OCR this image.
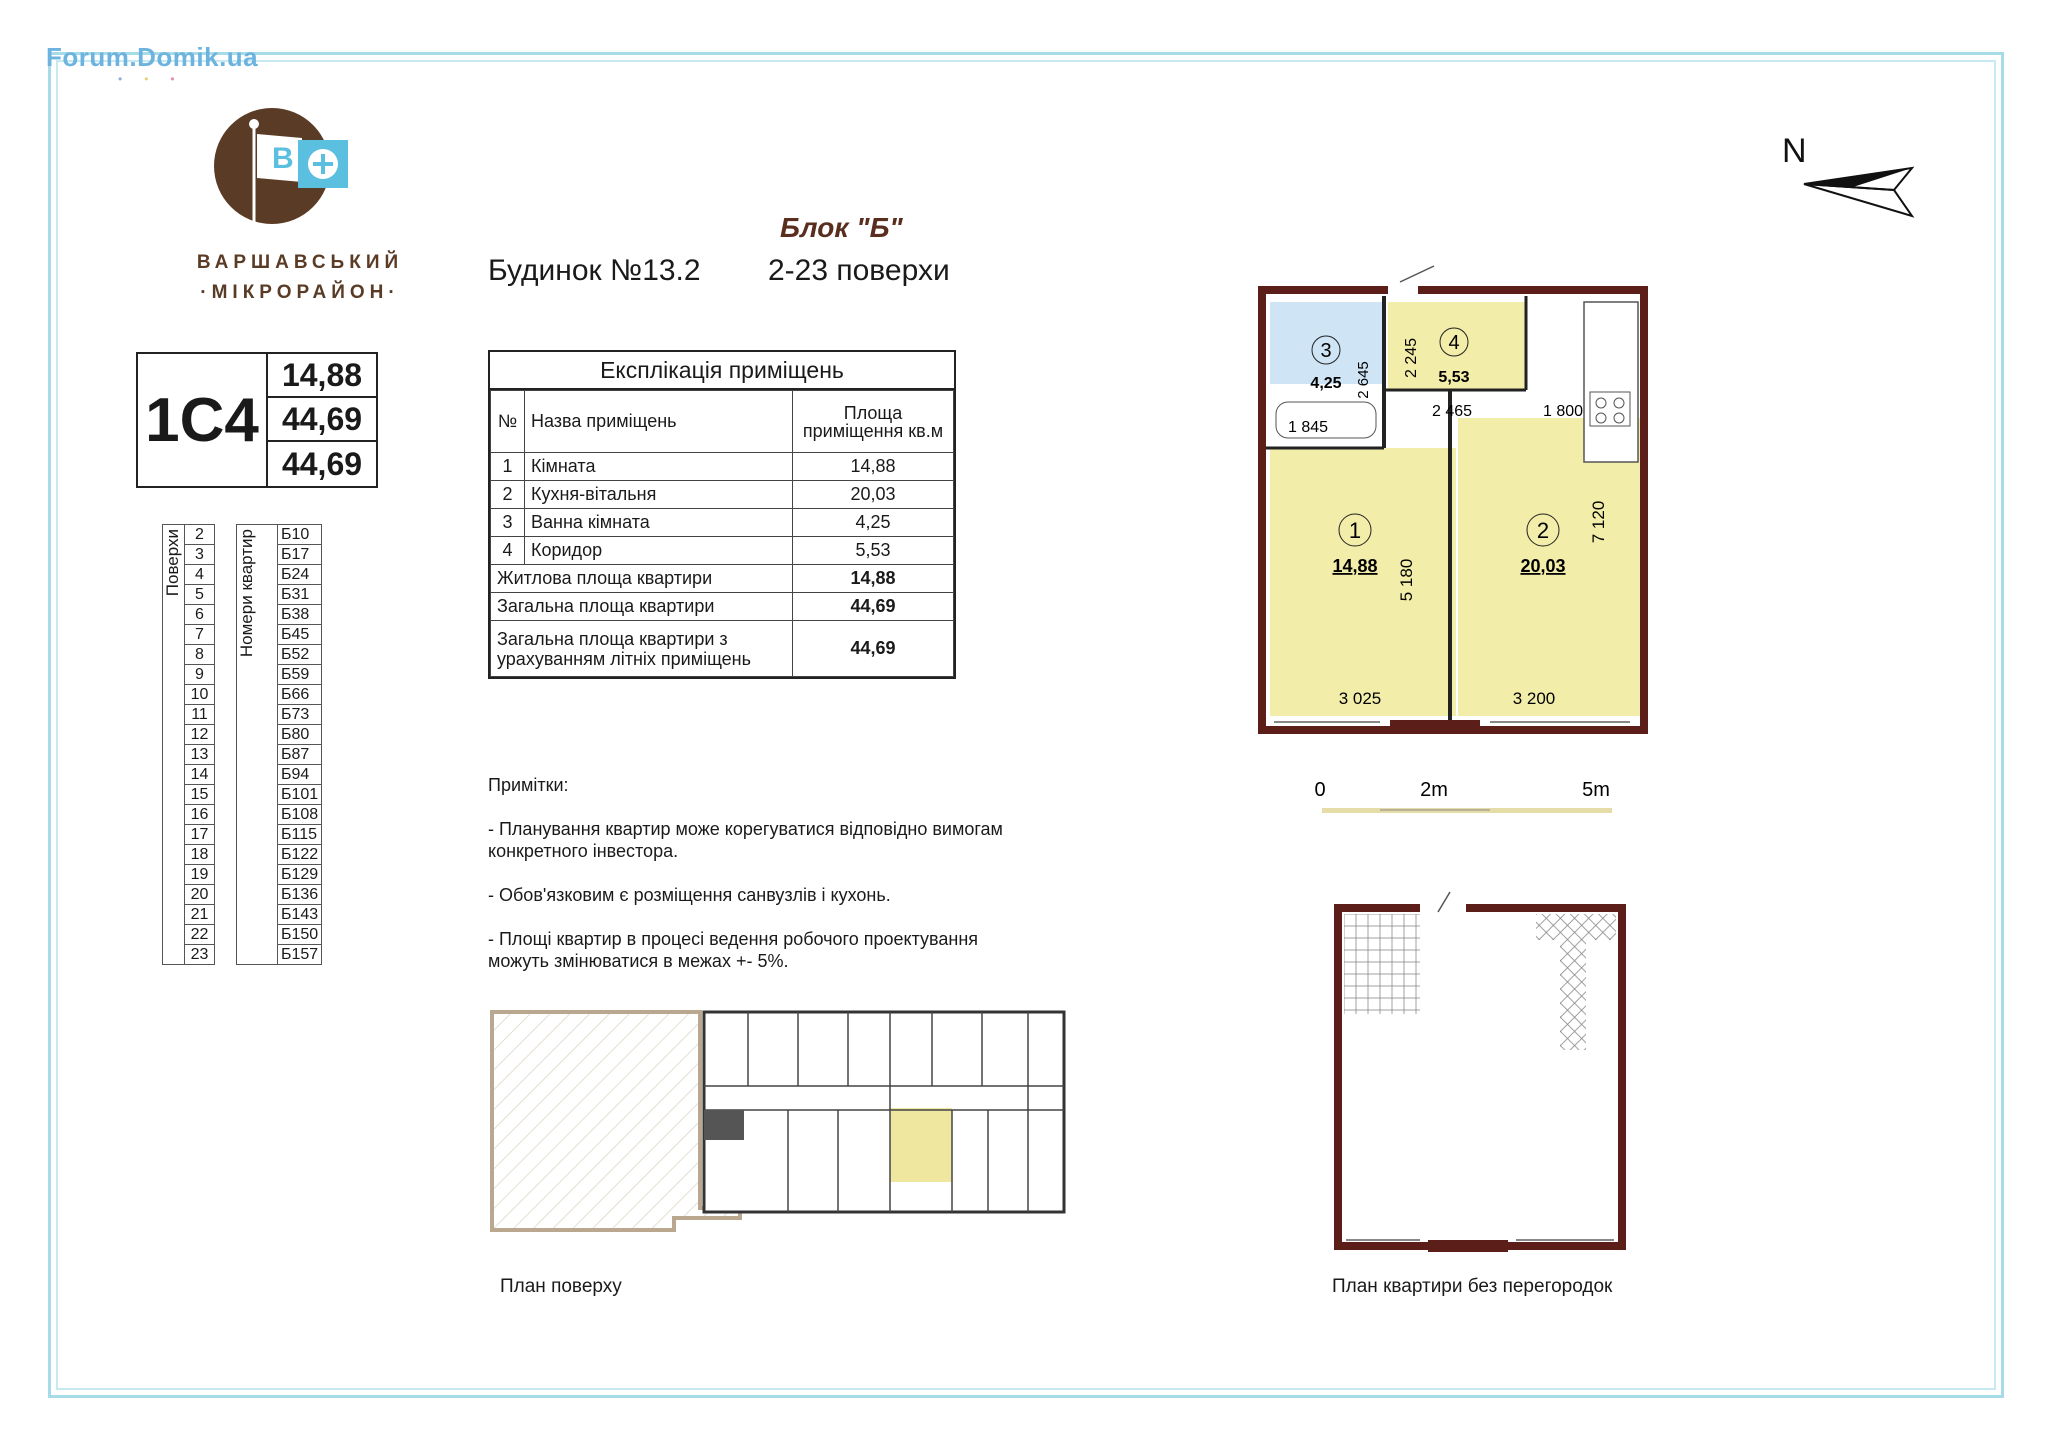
Forum.Domik.ua
•••
B
ВАРШАВСЬКИЙ
·МІКРОРАЙОН·
Блок "Б"
Будинок №13.2 2-23 поверхи
1С4
14,88
44,69
44,69
Поверхи	2		Номери квартир	Б10
	3			Б17
	4			Б24
	5			Б31
	6			Б38
	7			Б45
	8			Б52
	9			Б59
	10			Б66
	11			Б73
	12			Б80
	13			Б87
	14			Б94
	15			Б101
	16			Б108
	17			Б115
	18			Б122
	19			Б129
	20			Б136
	21			Б143
	22			Б150
	23			Б157
Експлікація приміщень
№	Назва приміщень	Площа приміщення кв.м
1	Кімната	14,88
2	Кухня-вітальня	20,03
3	Ванна кімната	4,25
4	Коридор	5,53
Житлова площа квартири		14,88
Загальна площа квартири		44,69
Загальна площа квартири з урахуванням літніх приміщень		44,69

Примітки:

- Планування квартир може корегуватися відповідно вимогам конкретного інвестора.

- Обов'язковим є розміщення санвузлів і кухонь.

- Площі квартир в процесі ведення робочого проектування можуть змінюватися в межах +- 5%.

N
1
14,88
2
20,03
3
4,25
4
5,53
3 025	3 200
5 180
7 120
2 245
2 465
2 645
1 845
1 800
0	2m	5m
План поверху	План квартири без перегородок
